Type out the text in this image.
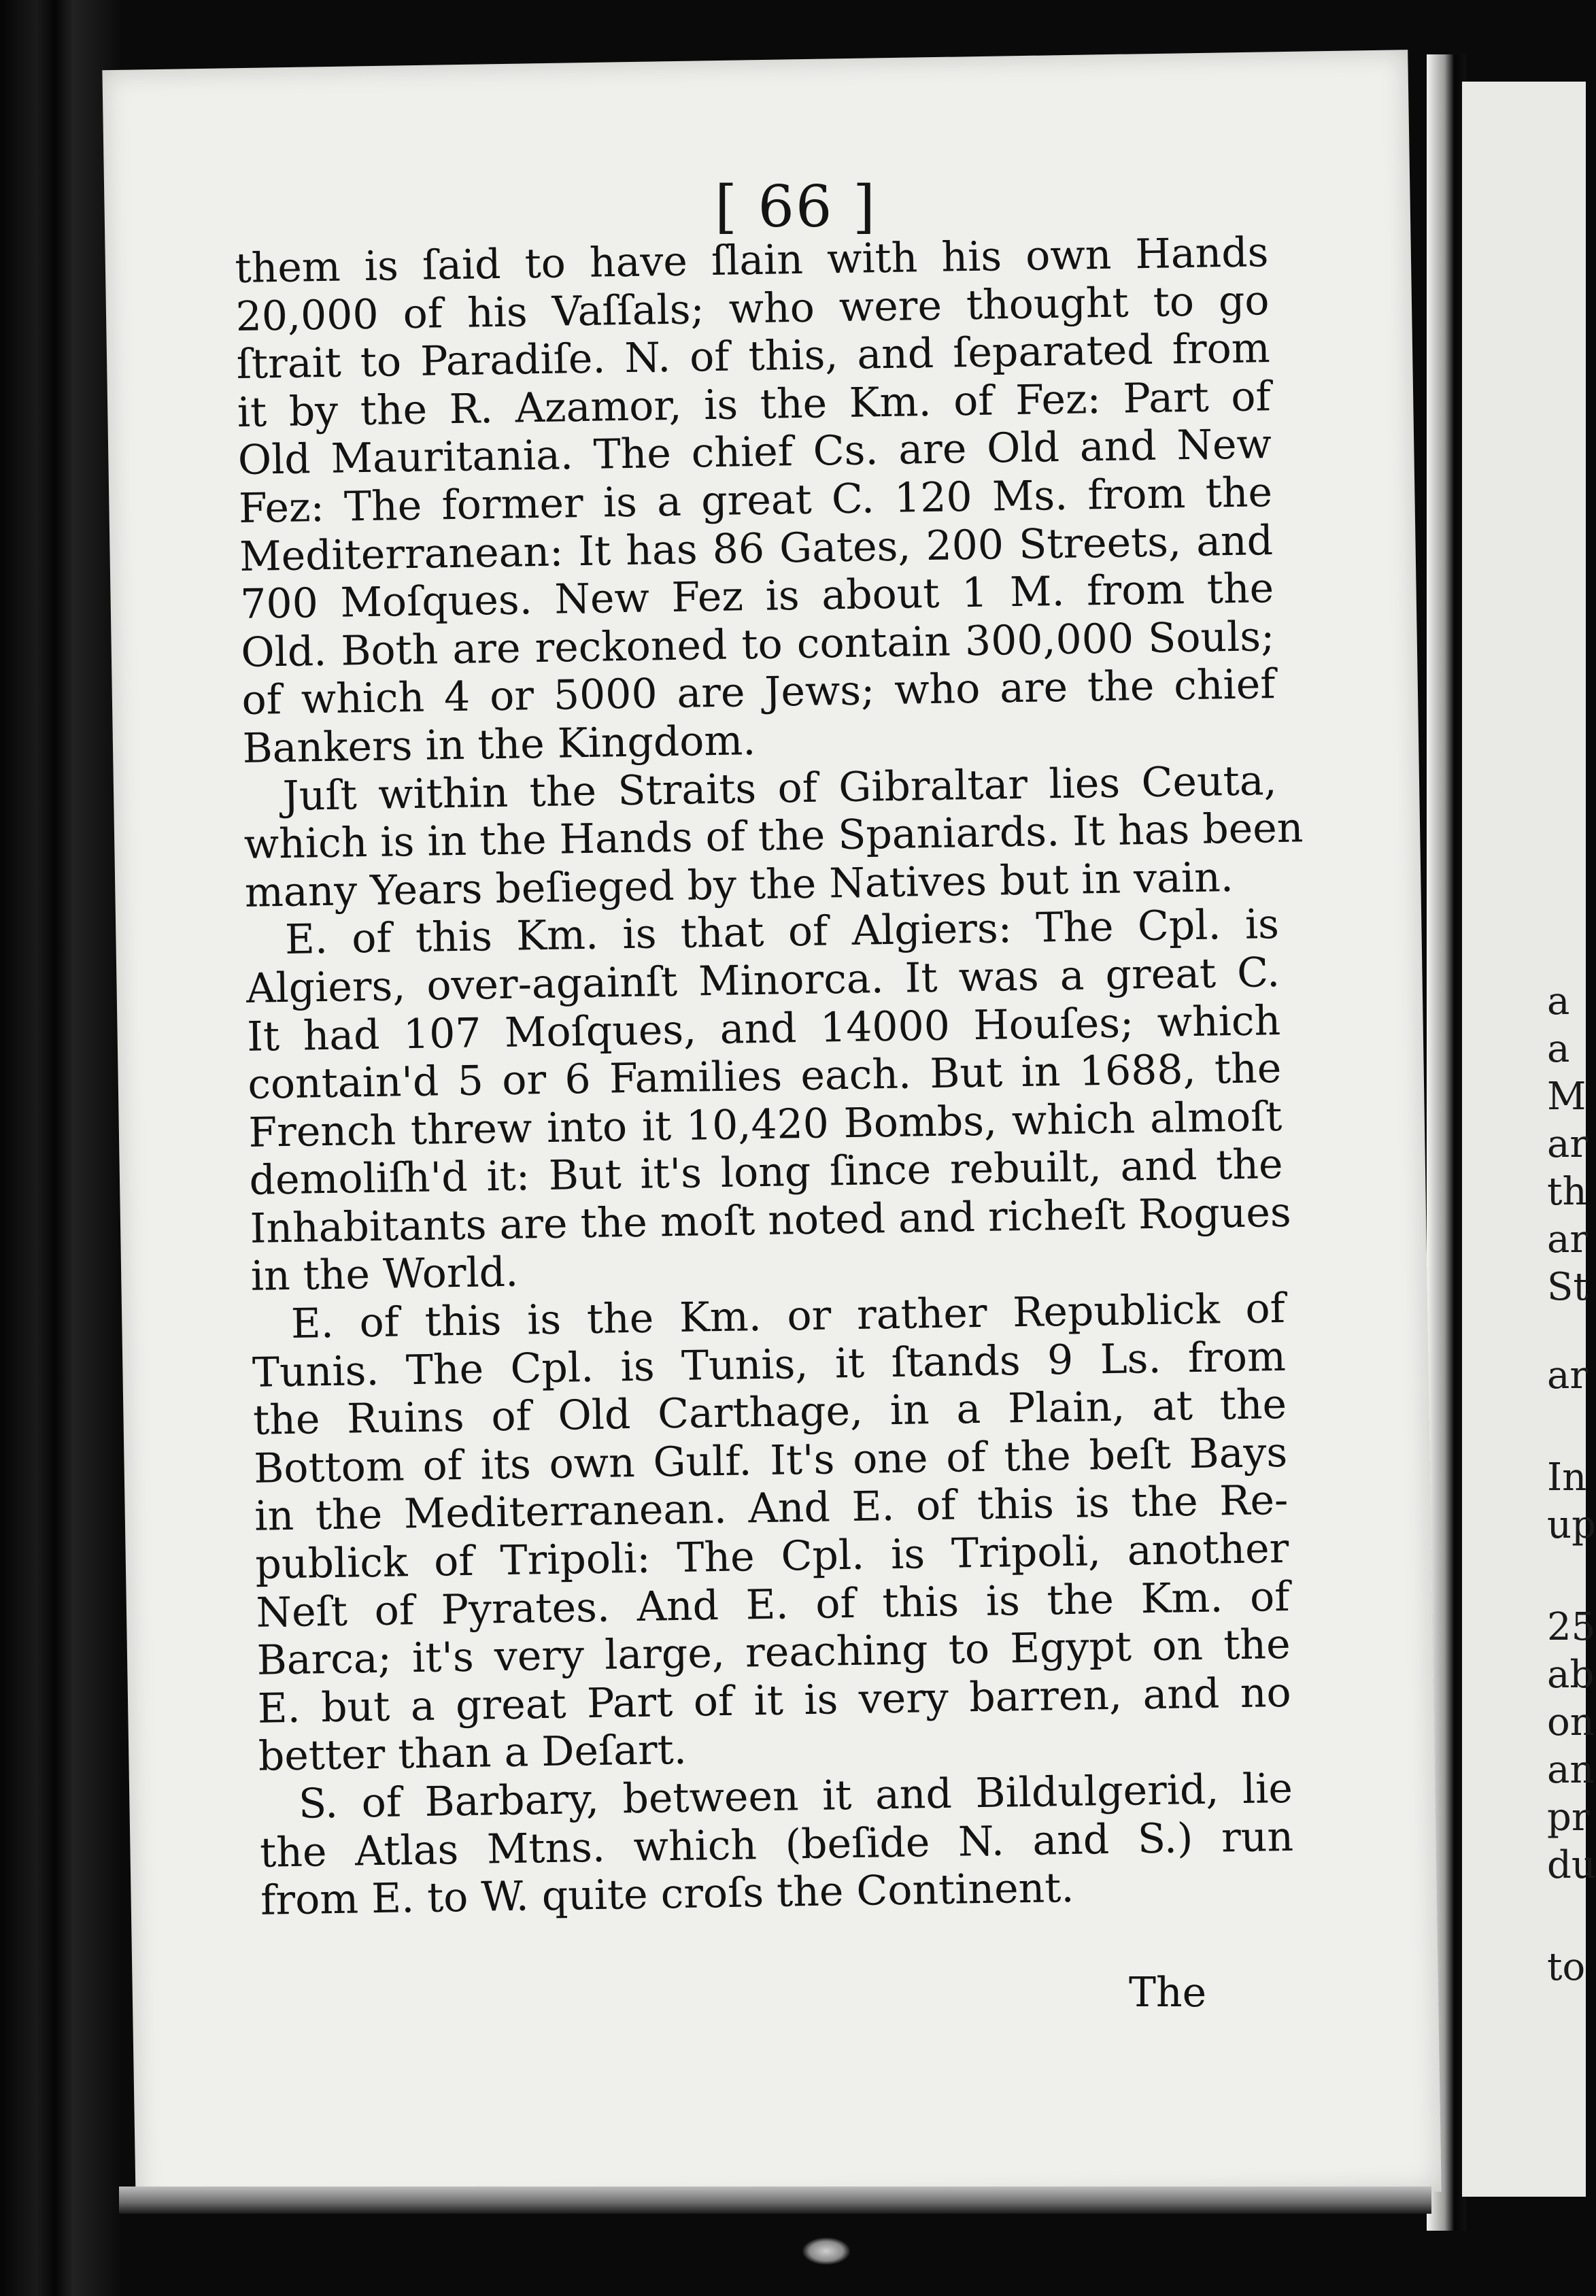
[ 66 ]
them is ſaid to have ſlain with his own Hands
20,000 of his Vaſſals; who were thought to go
ſtrait to Paradiſe. N. of this, and ſeparated from
it by the R. Azamor, is the Km. of Fez: Part of
Old Mauritania. The chief Cs. are Old and New
Fez: The former is a great C. 120 Ms. from the
Mediterranean: It has 86 Gates, 200 Streets, and
700 Moſques. New Fez is about 1 M. from the
Old. Both are reckoned to contain 300,000 Souls;
of which 4 or 5000 are Jews; who are the chief
Bankers in the Kingdom.
Juſt within the Straits of Gibraltar lies Ceuta,
which is in the Hands of the Spaniards. It has been
many Years beſieged by the Natives but in vain.
E. of this Km. is that of Algiers: The Cpl. is
Algiers, over-againſt Minorca. It was a great C.
It had 107 Moſques, and 14000 Houſes; which
contain'd 5 or 6 Families each. But in 1688, the
French threw into it 10,420 Bombs, which almoſt
demoliſh'd it: But it's long ſince rebuilt, and the
Inhabitants are the moſt noted and richeſt Rogues
in the World.
E. of this is the Km. or rather Republick of
Tunis. The Cpl. is Tunis, it ſtands 9 Ls. from
the Ruins of Old Carthage, in a Plain, at the
Bottom of its own Gulf. It's one of the beſt Bays
in the Mediterranean. And E. of this is the Re-
publick of Tripoli: The Cpl. is Tripoli, another
Neſt of Pyrates. And E. of this is the Km. of
Barca; it's very large, reaching to Egypt on the
E. but a great Part of it is very barren, and no
better than a Deſart.
S. of Barbary, between it and Bildulgerid, lie
the Atlas Mtns. which (beſide N. and S.) run
from E. to W. quite croſs the Continent.
The
a
a
M
ar
th
ar
St
ar
In
up
25
ab
on
an
pr
du
to
